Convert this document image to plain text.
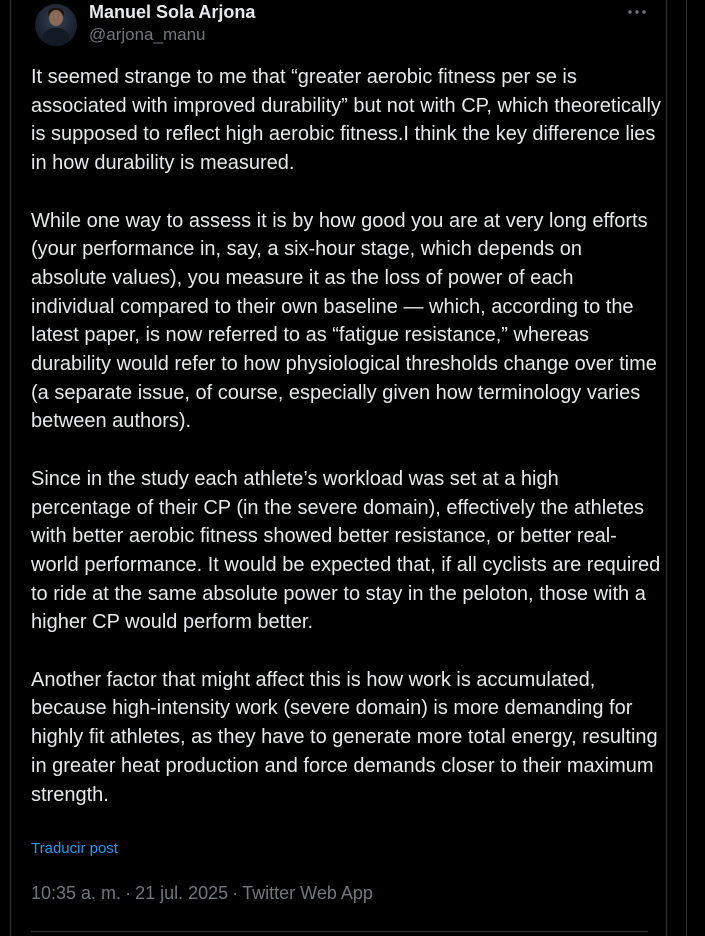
Manuel Sola Arjona
@arjona_manu

It seemed strange to me that “greater aerobic fitness per se is associated with improved durability” but not with CP, which theoretically is supposed to reflect high aerobic fitness.I think the key difference lies in how durability is measured.

While one way to assess it is by how good you are at very long efforts (your performance in, say, a six-hour stage, which depends on absolute values), you measure it as the loss of power of each individual compared to their own baseline — which, according to the latest paper, is now referred to as “fatigue resistance,” whereas durability would refer to how physiological thresholds change over time (a separate issue, of course, especially given how terminology varies between authors).

Since in the study each athlete’s workload was set at a high percentage of their CP (in the severe domain), effectively the athletes with better aerobic fitness showed better resistance, or better real-world performance. It would be expected that, if all cyclists are required to ride at the same absolute power to stay in the peloton, those with a higher CP would perform better.

Another factor that might affect this is how work is accumulated, because high-intensity work (severe domain) is more demanding for highly fit athletes, as they have to generate more total energy, resulting in greater heat production and force demands closer to their maximum strength.

Traducir post
10:35 a. m. · 21 jul. 2025 · Twitter Web App
